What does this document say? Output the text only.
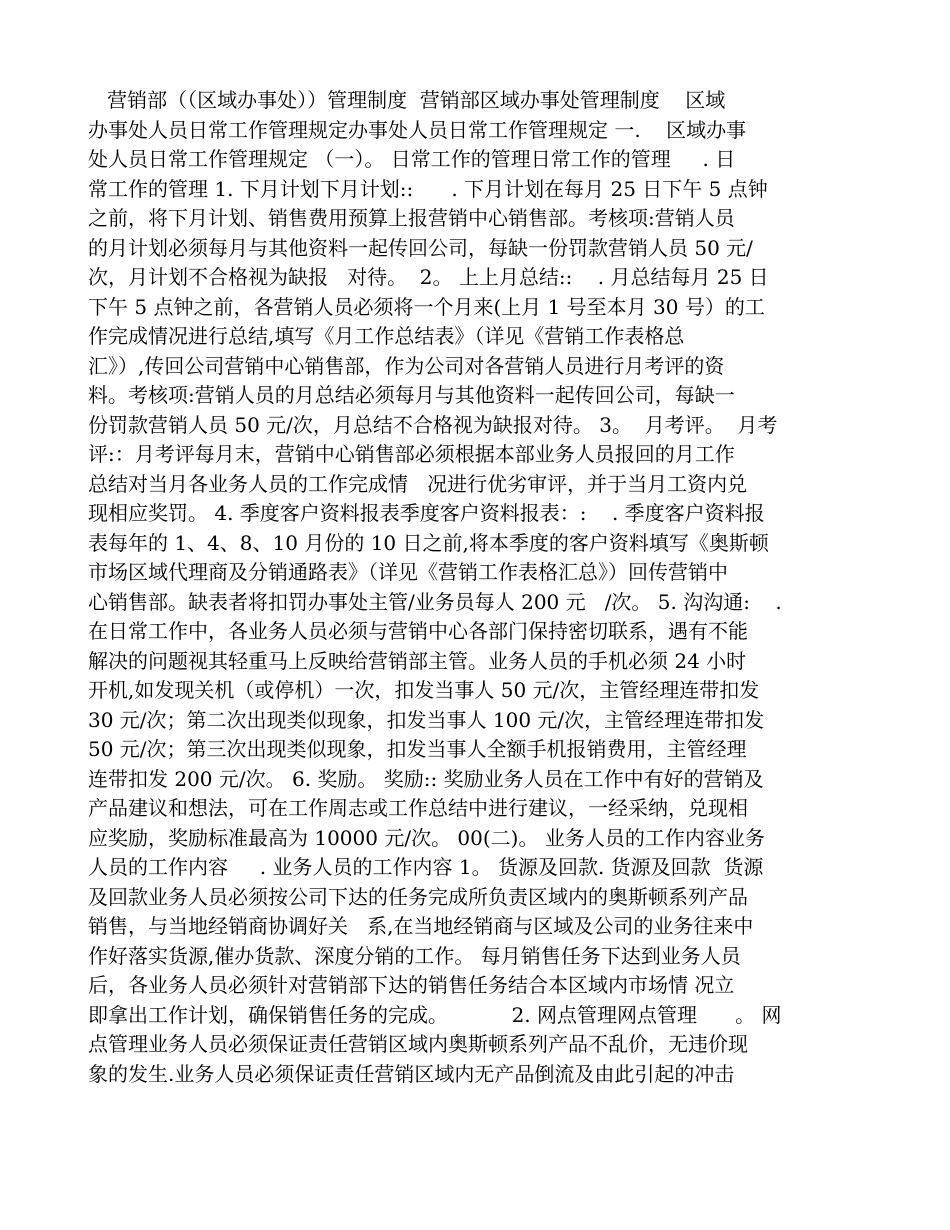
营销部（（区域办事处））管理制度  营销部区域办事处管理制度    区域
办事处人员日常工作管理规定办事处人员日常工作管理规定 一.    区域办事
处人员日常工作管理规定 （一）。 日常工作的管理日常工作的管理     . 日
常工作的管理 1. 下月计划下月计划::      . 下月计划在每月 25 日下午 5 点钟
之前，将下月计划、销售费用预算上报营销中心销售部。考核项:营销人员
的月计划必须每月与其他资料一起传回公司，每缺一份罚款营销人员 50 元/
次，月计划不合格视为缺报   对待。  2。 上上月总结::    . 月总结每月 25 日
下午 5 点钟之前，各营销人员必须将一个月来(上月 1 号至本月 30 号）的工
作完成情况进行总结,填写《月工作总结表》（详见《营销工作表格总
汇》）,传回公司营销中心销售部，作为公司对各营销人员进行月考评的资
料。考核项:营销人员的月总结必须每月与其他资料一起传回公司，每缺一
份罚款营销人员 50 元/次，月总结不合格视为缺报对待。 3。  月考评。  月考
评:：月考评每月末，营销中心销售部必须根据本部业务人员报回的月工作
总结对当月各业务人员的工作完成情   况进行优劣审评，并于当月工资内兑
现相应奖罚。 4. 季度客户资料报表季度客户资料报表：:    . 季度客户资料报
表每年的 1、4、8、10 月份的 10 日之前,将本季度的客户资料填写《奥斯顿
市场区域代理商及分销通路表》（详见《营销工作表格汇总》）回传营销中
心销售部。缺表者将扣罚办事处主管/业务员每人 200 元   /次。 5. 沟沟通:    .
在日常工作中，各业务人员必须与营销中心各部门保持密切联系，遇有不能
解决的问题视其轻重马上反映给营销部主管。业务人员的手机必须 24 小时
开机,如发现关机（或停机）一次，扣发当事人 50 元/次，主管经理连带扣发
30 元/次；第二次出现类似现象，扣发当事人 100 元/次，主管经理连带扣发
50 元/次；第三次出现类似现象，扣发当事人全额手机报销费用，主管经理
连带扣发 200 元/次。 6. 奖励。 奖励:: 奖励业务人员在工作中有好的营销及
产品建议和想法，可在工作周志或工作总结中进行建议，一经采纳，兑现相
应奖励，奖励标准最高为 10000 元/次。 00(二)。 业务人员的工作内容业务
人员的工作内容     . 业务人员的工作内容 1。 货源及回款. 货源及回款  货源
及回款业务人员必须按公司下达的任务完成所负责区域内的奥斯顿系列产品
销售，与当地经销商协调好关   系,在当地经销商与区域及公司的业务往来中
作好落实货源,催办货款、深度分销的工作。 每月销售任务下达到业务人员
后，各业务人员必须针对营销部下达的销售任务结合本区域内市场情 况立
即拿出工作计划，确保销售任务的完成。          2. 网点管理网点管理      。 网
点管理业务人员必须保证责任营销区域内奥斯顿系列产品不乱价，无违价现
象的发生.业务人员必须保证责任营销区域内无产品倒流及由此引起的冲击
